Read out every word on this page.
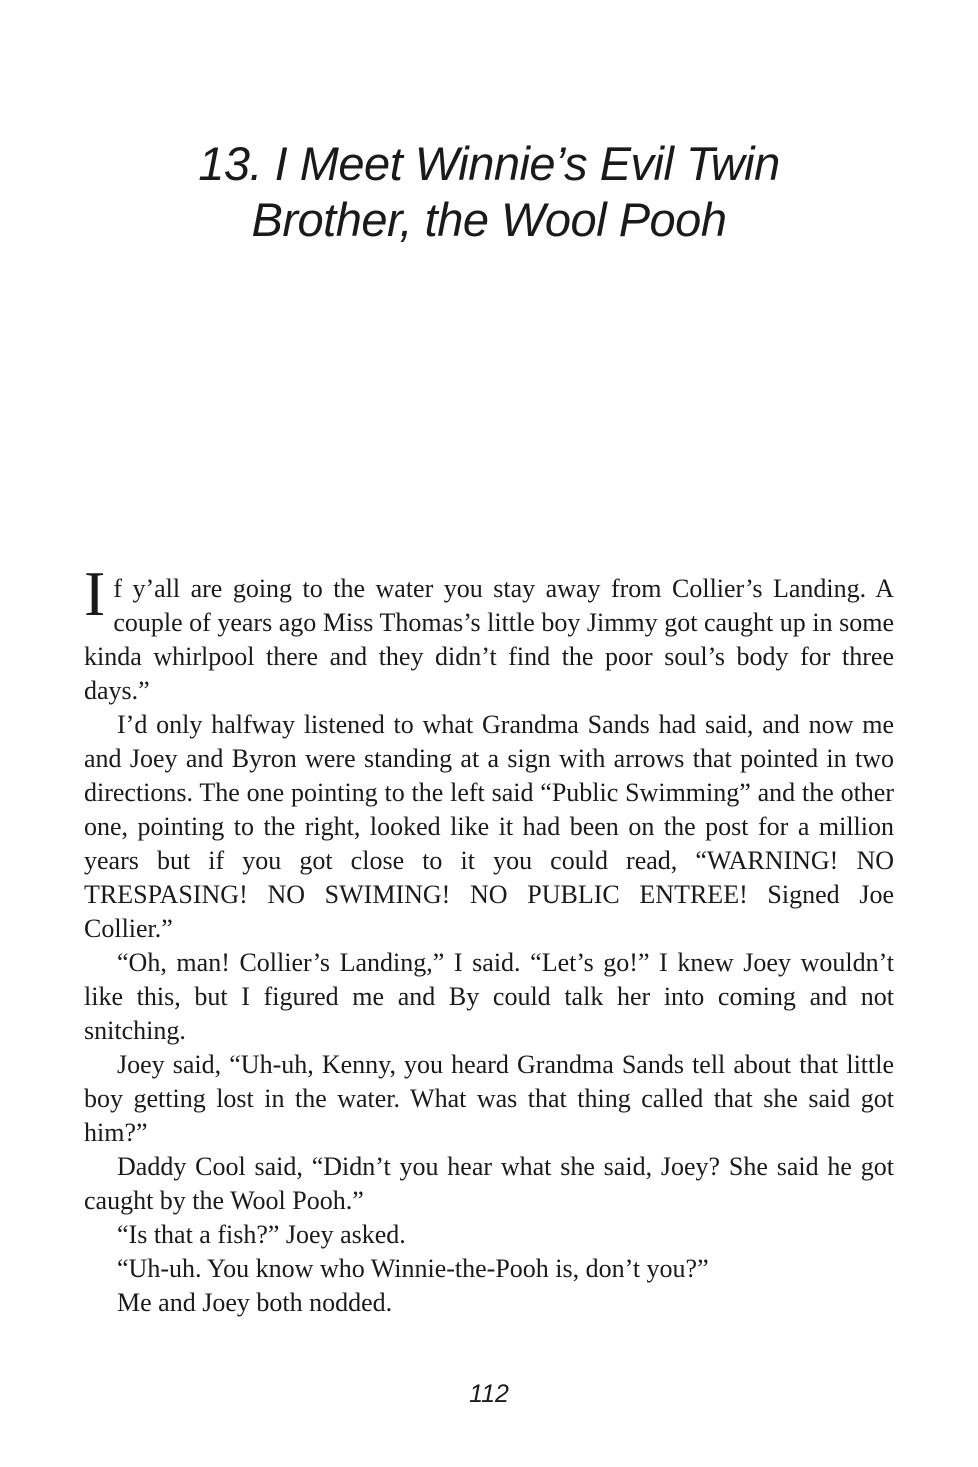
13. I Meet Winnie’s Evil Twin
Brother, the Wool Pooh

If y’all are going to the water you stay away from Collier’s Landing. A couple of years ago Miss Thomas’s little boy Jimmy got caught up in some kinda whirlpool there and they didn’t find the poor soul’s body for three days.”

I’d only halfway listened to what Grandma Sands had said, and now me and Joey and Byron were standing at a sign with arrows that pointed in two directions. The one pointing to the left said “Public Swimming” and the other one, pointing to the right, looked like it had been on the post for a million years but if you got close to it you could read, “WARNING! NO TRESPASING! NO SWIMING! NO PUBLIC ENTREE! Signed Joe Collier.”

“Oh, man! Collier’s Landing,” I said. “Let’s go!” I knew Joey wouldn’t like this, but I figured me and By could talk her into coming and not snitching.

Joey said, “Uh-uh, Kenny, you heard Grandma Sands tell about that little boy getting lost in the water. What was that thing called that she said got him?”

Daddy Cool said, “Didn’t you hear what she said, Joey? She said he got caught by the Wool Pooh.”

“Is that a fish?” Joey asked.

“Uh-uh. You know who Winnie-the-Pooh is, don’t you?”

Me and Joey both nodded.

112
